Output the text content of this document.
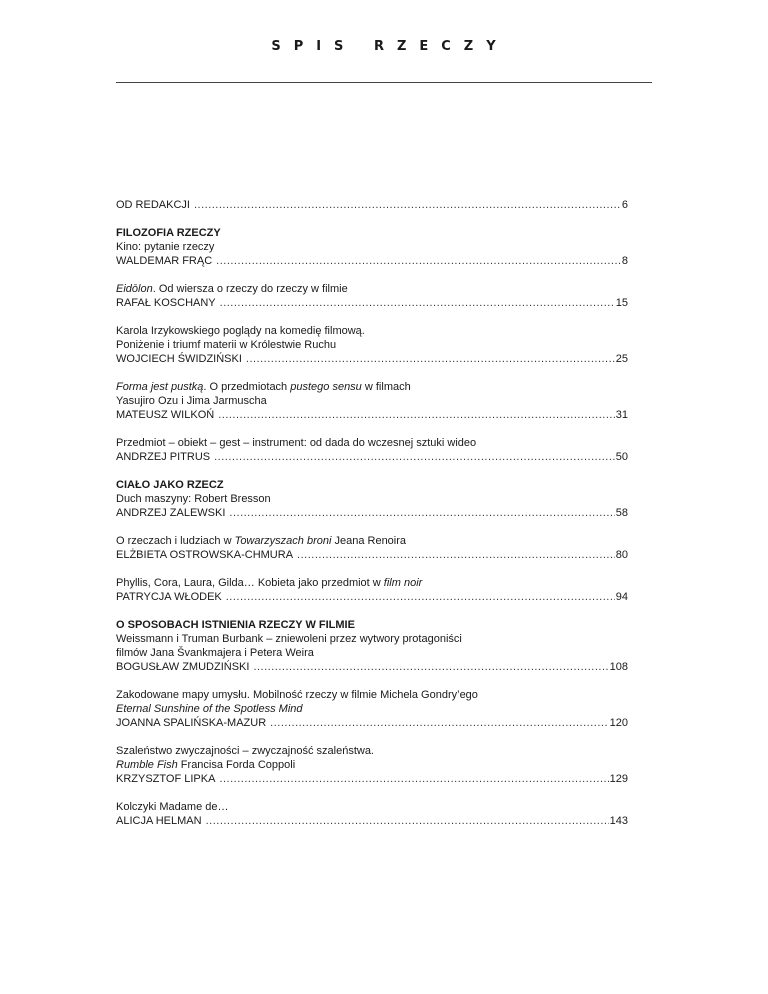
SPIS RZECZY
OD REDAKCJI .....	6
FILOZOFIA RZECZY
Kino: pytanie rzeczy
WALDEMAR FRĄC .....	8
Eidōlon. Od wiersza o rzeczy do rzeczy w filmie
RAFAŁ KOSCHANY .....	15
Karola Irzykowskiego poglądy na komedię filmową.
Poniżenie i triumf materii w Królestwie Ruchu
WOJCIECH ŚWIDZIŃSKI .....	25
Forma jest pustką. O przedmiotach pustego sensu w filmach
Yasujiro Ozu i Jima Jarmuscha
MATEUSZ WILKOŃ .....	31
Przedmiot – obiekt – gest – instrument: od dada do wczesnej sztuki wideo
ANDRZEJ PITRUS .....	50
CIAŁO JAKO RZECZ
Duch maszyny: Robert Bresson
ANDRZEJ ZALEWSKI .....	58
O rzeczach i ludziach w Towarzyszach broni Jeana Renoira
ELŻBIETA OSTROWSKA-CHMURA .....	80
Phyllis, Cora, Laura, Gilda… Kobieta jako przedmiot w film noir
PATRYCJA WŁODEK .....	94
O SPOSOBACH ISTNIENIA RZECZY W FILMIE
Weissmann i Truman Burbank – zniewoleni przez wytwory protagoniści
filmów Jana Švankmajera i Petera Weira
BOGUSŁAW ZMUDZIŃSKI .....	108
Zakodowane mapy umysłu. Mobilność rzeczy w filmie Michela Gondry’ego
Eternal Sunshine of the Spotless Mind
JOANNA SPALIŃSKA-MAZUR .....	120
Szaleństwo zwyczajności – zwyczajność szaleństwa.
Rumble Fish Francisa Forda Coppoli
KRZYSZTOF LIPKA .....	129
Kolczyki Madame de…
ALICJA HELMAN .....	143
